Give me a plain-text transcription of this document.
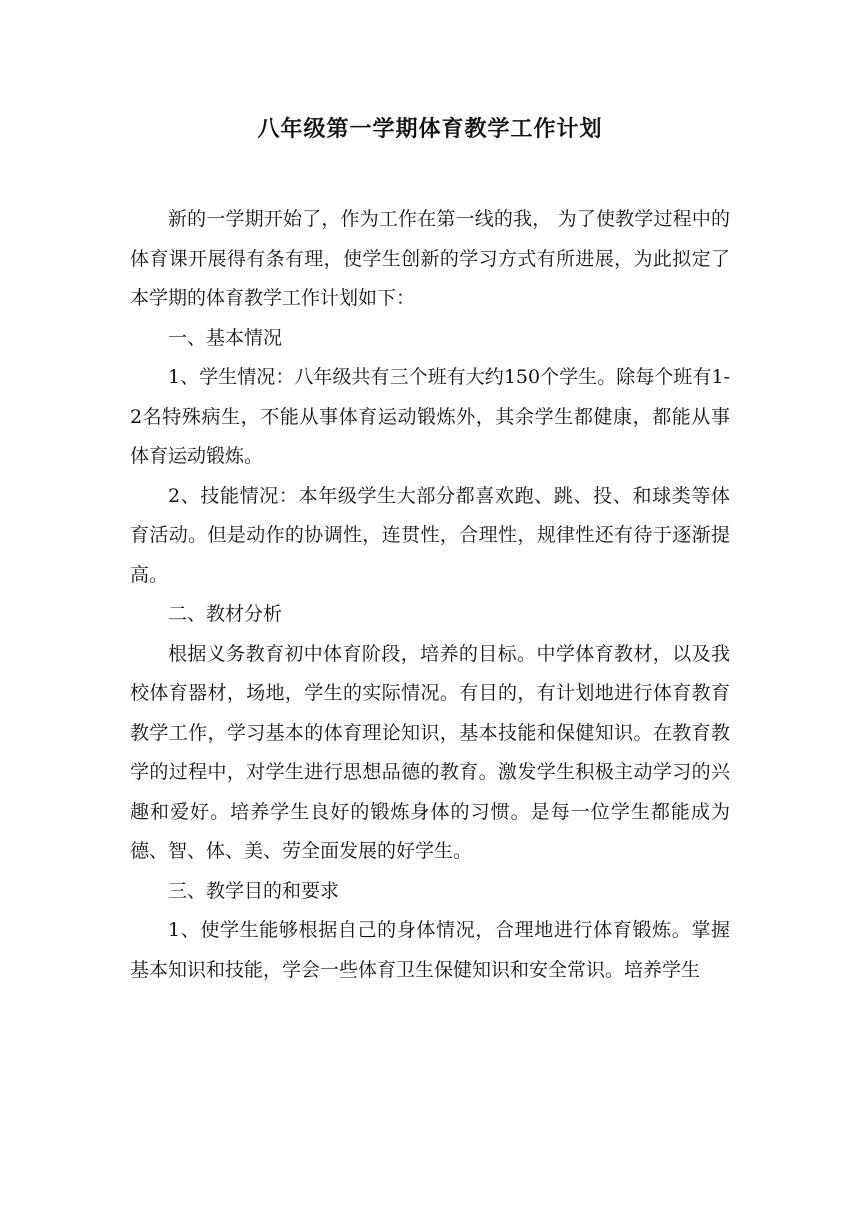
八年级第一学期体育教学工作计划

新的一学期开始了，作为工作在第一线的我， 为了使教学过程中的体育课开展得有条有理，使学生创新的学习方式有所进展，为此拟定了本学期的体育教学工作计划如下：

一、基本情况

1、学生情况：八年级共有三个班有大约150个学生。除每个班有1-2名特殊病生，不能从事体育运动锻炼外，其余学生都健康，都能从事体育运动锻炼。

2、技能情况：本年级学生大部分都喜欢跑、跳、投、和球类等体育活动。但是动作的协调性，连贯性，合理性，规律性还有待于逐渐提高。

二、教材分析

根据义务教育初中体育阶段，培养的目标。中学体育教材，以及我校体育器材，场地，学生的实际情况。有目的，有计划地进行体育教育教学工作，学习基本的体育理论知识，基本技能和保健知识。在教育教学的过程中，对学生进行思想品德的教育。激发学生积极主动学习的兴趣和爱好。培养学生良好的锻炼身体的习惯。是每一位学生都能成为德、智、体、美、劳全面发展的好学生。

三、教学目的和要求

1、使学生能够根据自己的身体情况，合理地进行体育锻炼。掌握基本知识和技能，学会一些体育卫生保健知识和安全常识。培养学生
